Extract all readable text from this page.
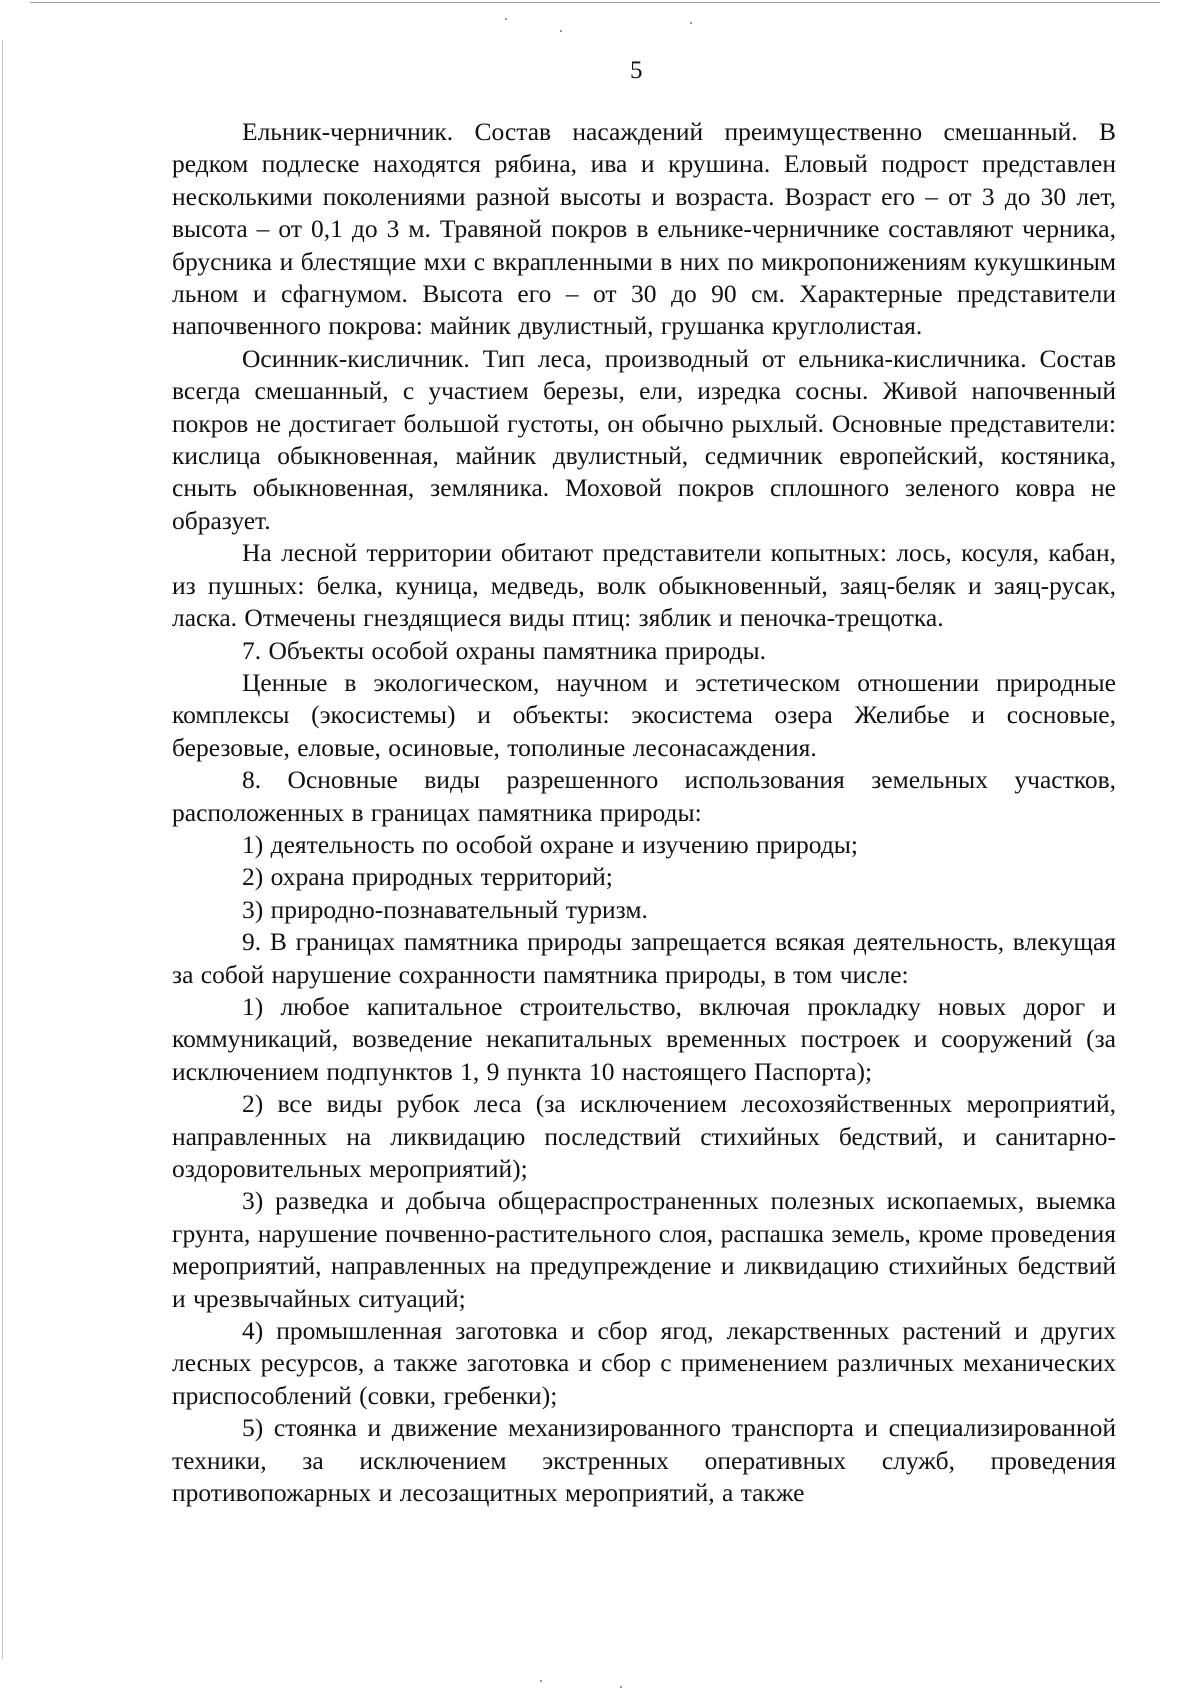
5

Ельник-черничник. Состав насаждений преимущественно смешанный. В редком подлеске находятся рябина, ива и крушина. Еловый подрост представлен несколькими поколениями разной высоты и возраста. Возраст его – от 3 до 30 лет, высота – от 0,1 до 3 м. Травяной покров в ельнике-черничнике составляют черника, брусника и блестящие мхи с вкрапленными в них по микропонижениям кукушкиным льном и сфагнумом. Высота его – от 30 до 90 см. Характерные представители напочвенного покрова: майник двулистный, грушанка круглолистая.

Осинник-кисличник. Тип леса, производный от ельника-кисличника. Состав всегда смешанный, с участием березы, ели, изредка сосны. Живой напочвенный покров не достигает большой густоты, он обычно рыхлый. Основные представители: кислица обыкновенная, майник двулистный, седмичник европейский, костяника, сныть обыкновенная, земляника. Моховой покров сплошного зеленого ковра не образует.

На лесной территории обитают представители копытных: лось, косуля, кабан, из пушных: белка, куница, медведь, волк обыкновенный, заяц-беляк и заяц-русак, ласка. Отмечены гнездящиеся виды птиц: зяблик и пеночка-трещотка.

7. Объекты особой охраны памятника природы.

Ценные в экологическом, научном и эстетическом отношении природные комплексы (экосистемы) и объекты: экосистема озера Желибье и сосновые, березовые, еловые, осиновые, тополиные лесонасаждения.

8. Основные виды разрешенного использования земельных участков, расположенных в границах памятника природы:

1) деятельность по особой охране и изучению природы;

2) охрана природных территорий;

3) природно-познавательный туризм.

9. В границах памятника природы запрещается всякая деятельность, влекущая за собой нарушение сохранности памятника природы, в том числе:

1) любое капитальное строительство, включая прокладку новых дорог и коммуникаций, возведение некапитальных временных построек и сооружений (за исключением подпунктов 1, 9 пункта 10 настоящего Паспорта);

2) все виды рубок леса (за исключением лесохозяйственных мероприятий, направленных на ликвидацию последствий стихийных бедствий, и санитарно-оздоровительных мероприятий);

3) разведка и добыча общераспространенных полезных ископаемых, выемка грунта, нарушение почвенно-растительного слоя, распашка земель, кроме проведения мероприятий, направленных на предупреждение и ликвидацию стихийных бедствий и чрезвычайных ситуаций;

4) промышленная заготовка и сбор ягод, лекарственных растений и других лесных ресурсов, а также заготовка и сбор с применением различных механических приспособлений (совки, гребенки);

5) стоянка и движение механизированного транспорта и специализированной техники, за исключением экстренных оперативных служб, проведения противопожарных и лесозащитных мероприятий, а также
